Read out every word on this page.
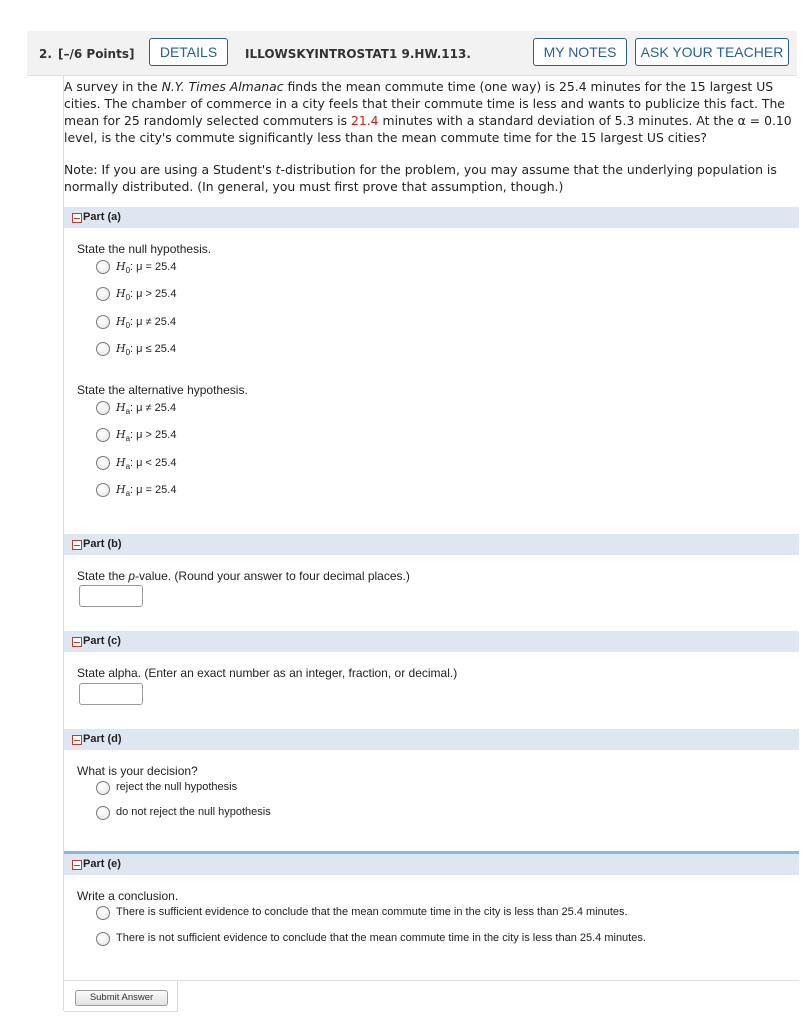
2. [–/6 Points]	DETAILS	ILLOWSKYINTROSTAT1 9.HW.113.	MY NOTES	ASK YOUR TEACHER

A survey in the N.Y. Times Almanac finds the mean commute time (one way) is 25.4 minutes for the 15 largest US cities. The chamber of commerce in a city feels that their commute time is less and wants to publicize this fact. The mean for 25 randomly selected commuters is 21.4 minutes with a standard deviation of 5.3 minutes. At the α = 0.10 level, is the city's commute significantly less than the mean commute time for the 15 largest US cities?

Note: If you are using a Student's t-distribution for the problem, you may assume that the underlying population is normally distributed. (In general, you must first prove that assumption, though.)
Part (a)
State the null hypothesis.
$H_0$: μ = 25.4
$H_0$: μ > 25.4
$H_0$: μ ≠ 25.4
$H_0$: μ ≤ 25.4
State the alternative hypothesis.
$H_a$: μ ≠ 25.4
$H_a$: μ > 25.4
$H_a$: μ < 25.4
$H_a$: μ = 25.4
Part (b)
State the p-value. (Round your answer to four decimal places.)
Part (c)
State alpha. (Enter an exact number as an integer, fraction, or decimal.)
Part (d)
What is your decision?
reject the null hypothesis
do not reject the null hypothesis
Part (e)
Write a conclusion.
There is sufficient evidence to conclude that the mean commute time in the city is less than 25.4 minutes.
There is not sufficient evidence to conclude that the mean commute time in the city is less than 25.4 minutes.
Submit Answer
